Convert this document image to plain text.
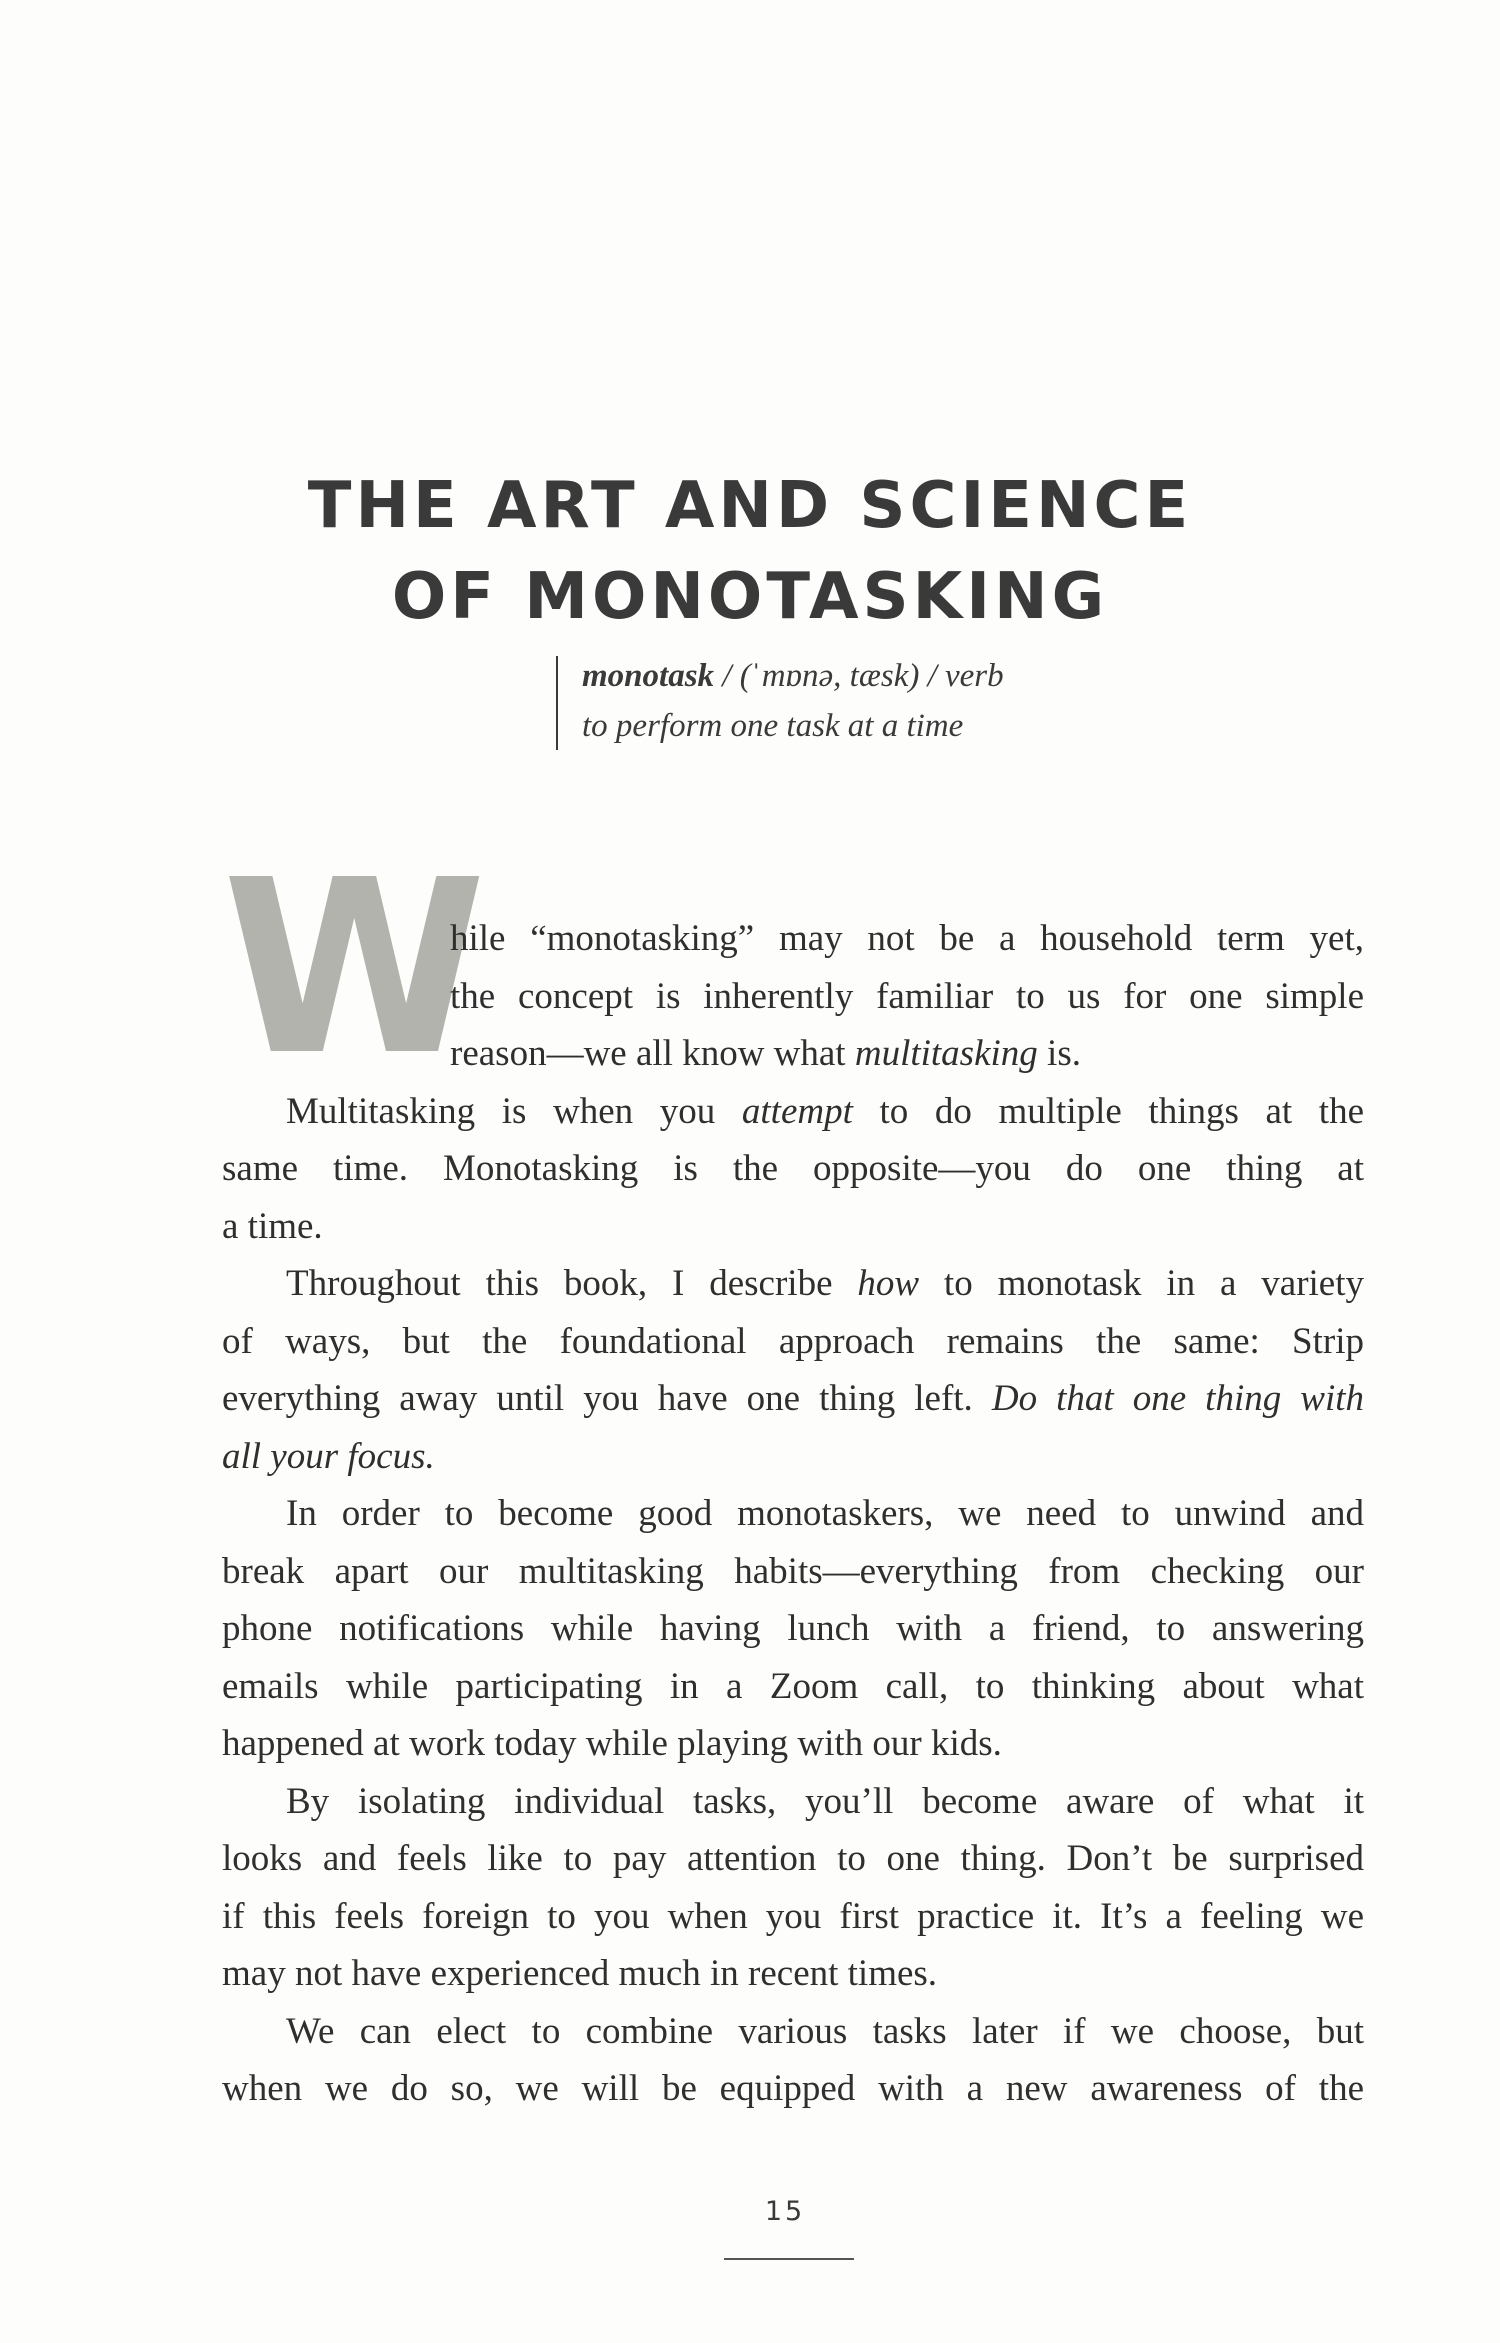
THE ART AND SCIENCE
OF MONOTASKING
monotask / (ˈmɒnə, tæsk) / verb
to perform one task at a time
W
hile “monotasking” may not be a household term yet,
the concept is inherently familiar to us for one simple
reason—we all know what multitasking is.
Multitasking is when you attempt to do multiple things at the
same time. Monotasking is the opposite—you do one thing at
a time.
Throughout this book, I describe how to monotask in a variety
of ways, but the foundational approach remains the same: Strip
everything away until you have one thing left. Do that one thing with
all your focus.
In order to become good monotaskers, we need to unwind and
break apart our multitasking habits—everything from checking our
phone notifications while having lunch with a friend, to answering
emails while participating in a Zoom call, to thinking about what
happened at work today while playing with our kids.
By isolating individual tasks, you’ll become aware of what it
looks and feels like to pay attention to one thing. Don’t be surprised
if this feels foreign to you when you first practice it. It’s a feeling we
may not have experienced much in recent times.
We can elect to combine various tasks later if we choose, but
when we do so, we will be equipped with a new awareness of the
15
